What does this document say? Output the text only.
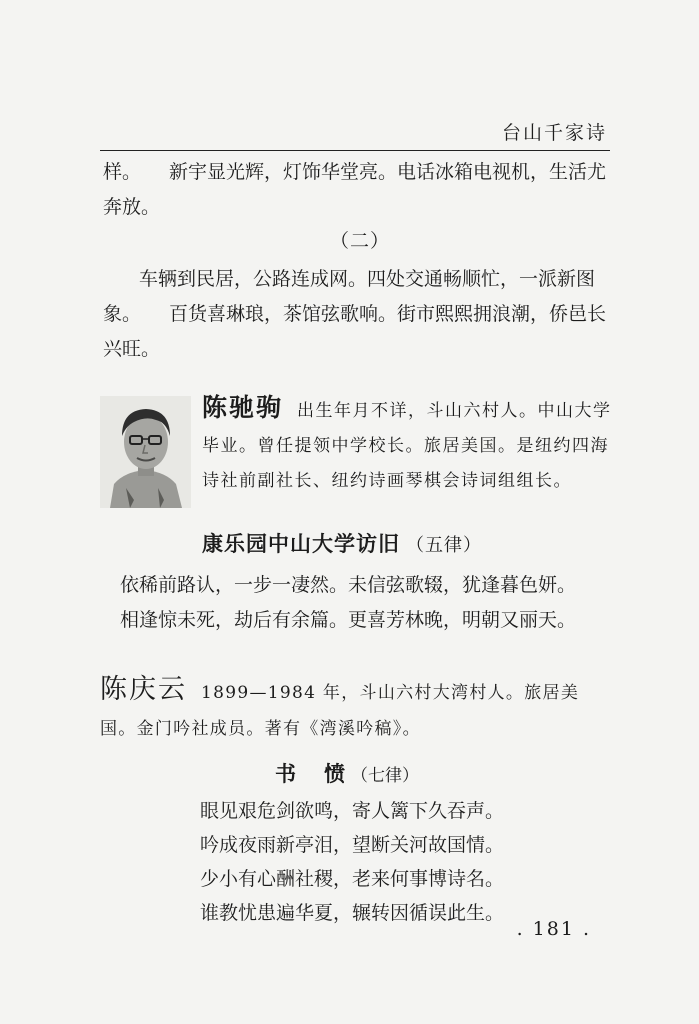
台山千家诗

样。 新宇显光辉，灯饰华堂亮。电话冰箱电视机，生活尤奔放。

（二）

车辆到民居，公路连成网。四处交通畅顺忙，一派新图象。 百货喜琳琅，茶馆弦歌响。街市熙熙拥浪潮，侨邑长兴旺。

陈驰驹 出生年月不详，斗山六村人。中山大学毕业。曾任提领中学校长。旅居美国。是纽约四海诗社前副社长、纽约诗画琴棋会诗词组组长。
康乐园中山大学访旧 （五律）
依稀前路认，一步一凄然。未信弦歌辍，犹逢暮色妍。
相逢惊未死，劫后有余篇。更喜芳林晚，明朝又丽天。
陈庆云 1899—1984 年，斗山六村大湾村人。旅居美国。金门吟社成员。著有《湾溪吟稿》。
书 愤 （七律）
眼见艰危剑欲鸣，寄人篱下久吞声。
吟成夜雨新亭泪，望断关河故国情。
少小有心酬社稷，老来何事博诗名。
谁教忧患遍华夏，辗转因循误此生。
. 181 .
